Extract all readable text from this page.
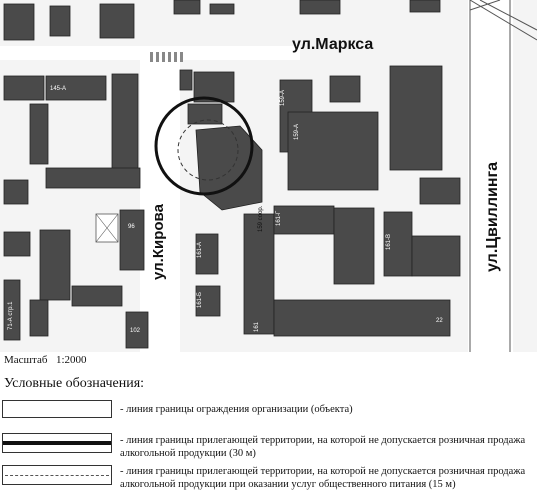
145-А
159-А
159-А
159 соор.
161-А
161-Б
161-Г
161-В
161
96
102
71-А стр.1	22
ул.Маркса
ул.Кирова	ул.Цвиллинга
Масштаб 1:2000
Условные обозначения:
- линия границы ограждения организации (объекта)
- линия границы прилегающей территории, на которой не допускается розничная продажа алкогольной продукции (30 м)
- линия границы прилегающей территории, на которой не допускается розничная продажа алкогольной продукции при оказании услуг общественного питания (15 м)
